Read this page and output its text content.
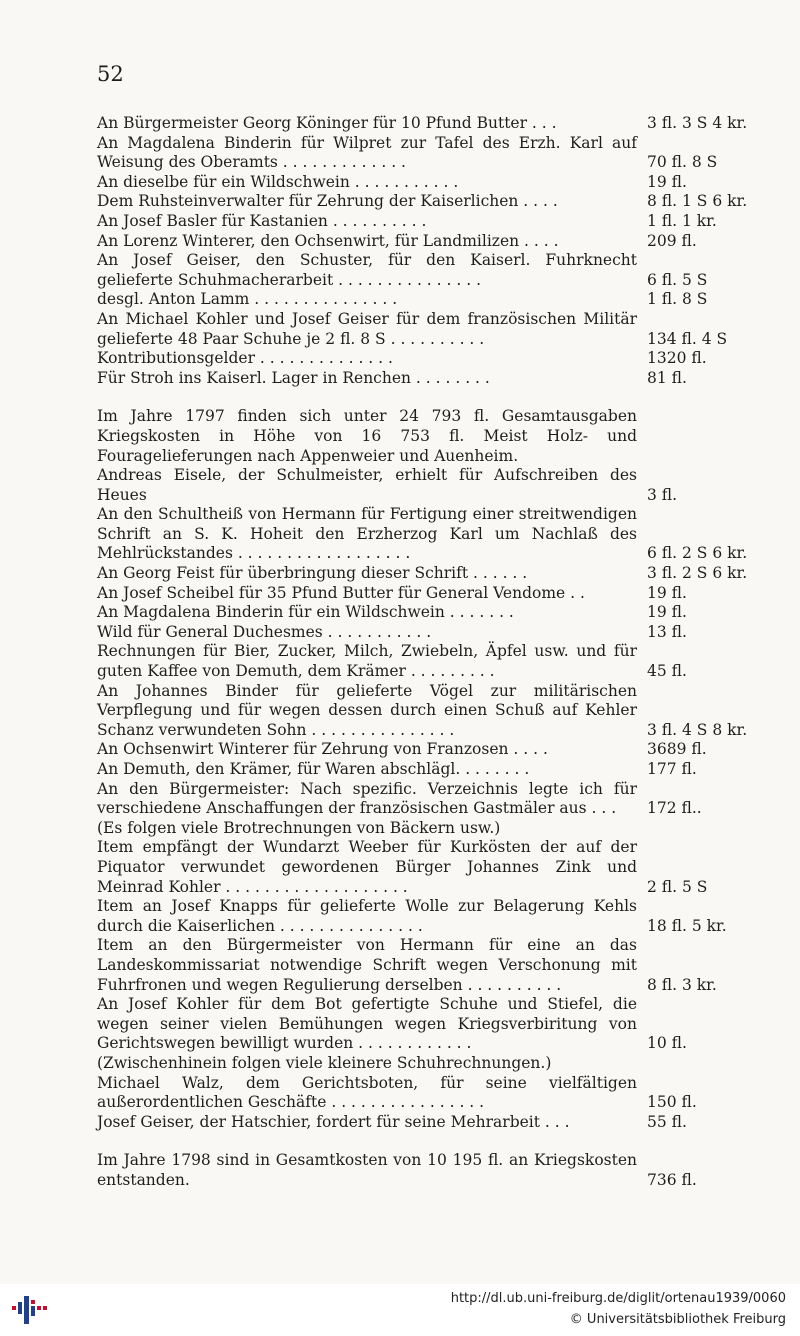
52
An Bürgermeister Georg Köninger für 10 Pfund Butter . . .	3 fl. 3 S 4 kr.
An Magdalena Binderin für Wilpret zur Tafel des Erzh. Karl auf Weisung des Oberamts . . . . . . . . . . . . .	70 fl. 8 S
An dieselbe für ein Wildschwein . . . . . . . . . . .	19 fl.
Dem Ruhsteinverwalter für Zehrung der Kaiserlichen . . . .	8 fl. 1 S 6 kr.
An Josef Basler für Kastanien . . . . . . . . . .	1 fl. 1 kr.
An Lorenz Winterer, den Ochsenwirt, für Landmilizen . . . .	209 fl.
An Josef Geiser, den Schuster, für den Kaiserl. Fuhrknecht gelieferte Schuhmacherarbeit . . . . . . . . . . . . . . .	6 fl. 5 S
desgl. Anton Lamm . . . . . . . . . . . . . . .	1 fl. 8 S
An Michael Kohler und Josef Geiser für dem französischen Militär gelieferte 48 Paar Schuhe je 2 fl. 8 S . . . . . . . . . .	134 fl. 4 S
Kontributionsgelder . . . . . . . . . . . . . .	1320 fl.
Für Stroh ins Kaiserl. Lager in Renchen . . . . . . . .	81 fl.
Im Jahre 1797 finden sich unter 24 793 fl. Gesamtausgaben Kriegskosten in Höhe von 16 753 fl. Meist Holz- und Fouragelieferungen nach Appenweier und Auenheim.
Andreas Eisele, der Schulmeister, erhielt für Aufschreiben des Heues	3 fl.
An den Schultheiß von Hermann für Fertigung einer streitwendigen Schrift an S. K. Hoheit den Erzherzog Karl um Nachlaß des Mehlrückstandes . . . . . . . . . . . . . . . . . .	6 fl. 2 S 6 kr.
An Georg Feist für überbringung dieser Schrift . . . . . .	3 fl. 2 S 6 kr.
An Josef Scheibel für 35 Pfund Butter für General Vendome . .	19 fl.
An Magdalena Binderin für ein Wildschwein . . . . . . .	19 fl.
Wild für General Duchesmes . . . . . . . . . . .	13 fl.
Rechnungen für Bier, Zucker, Milch, Zwiebeln, Äpfel usw. und für guten Kaffee von Demuth, dem Krämer . . . . . . . . .	45 fl.
An Johannes Binder für gelieferte Vögel zur militärischen Verpflegung und für wegen dessen durch einen Schuß auf Kehler Schanz verwundeten Sohn . . . . . . . . . . . . . . .	3 fl. 4 S 8 kr.
An Ochsenwirt Winterer für Zehrung von Franzosen . . . .	3689 fl.
An Demuth, den Krämer, für Waren abschlägl. . . . . . . .	177 fl.
An den Bürgermeister: Nach spezific. Verzeichnis legte ich für verschiedene Anschaffungen der französischen Gastmäler aus . . .	172 fl..
(Es folgen viele Brotrechnungen von Bäckern usw.)
Item empfängt der Wundarzt Weeber für Kurkösten der auf der Piquator verwundet gewordenen Bürger Johannes Zink und Meinrad Kohler . . . . . . . . . . . . . . . . . . .	2 fl. 5 S
Item an Josef Knapps für gelieferte Wolle zur Belagerung Kehls durch die Kaiserlichen . . . . . . . . . . . . . . .	18 fl. 5 kr.
Item an den Bürgermeister von Hermann für eine an das Landeskommissariat notwendige Schrift wegen Verschonung mit Fuhrfronen und wegen Regulierung derselben . . . . . . . . . .	8 fl. 3 kr.
An Josef Kohler für dem Bot gefertigte Schuhe und Stiefel, die wegen seiner vielen Bemühungen wegen Kriegsverbiritung von Gerichtswegen bewilligt wurden . . . . . . . . . . . .	10 fl.
(Zwischenhinein folgen viele kleinere Schuhrechnungen.)
Michael Walz, dem Gerichtsboten, für seine vielfältigen außerordentlichen Geschäfte . . . . . . . . . . . . . . . .	150 fl.
Josef Geiser, der Hatschier, fordert für seine Mehrarbeit . . .	55 fl.
Im Jahre 1798 sind in Gesamtkosten von 10 195 fl. an Kriegskosten entstanden.	736 fl.
http://dl.ub.uni-freiburg.de/diglit/ortenau1939/0060
© Universitätsbibliothek Freiburg
